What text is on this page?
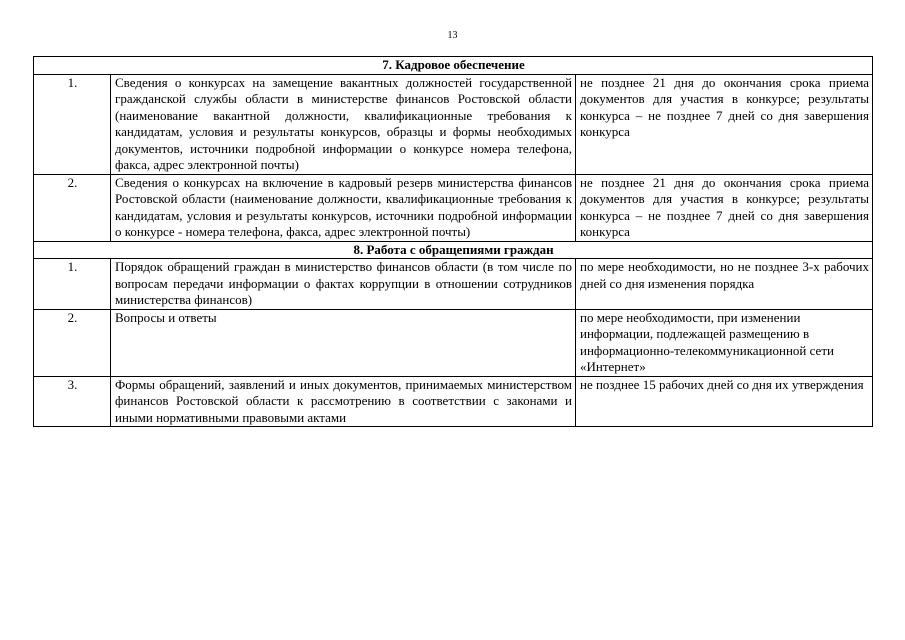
13
7. Кадровое обеспечение		
1.	Сведения о конкурсах на замещение вакантных должностей государственной гражданской службы области в министерстве финансов Ростовской области (наименование вакантной должности, квалификационные требования к кандидатам, условия и результаты конкурсов, образцы и формы необходимых документов, источники подробной информации о конкурсе номера телефона, факса, адрес электронной почты)	не позднее 21 дня до окончания срока приема документов для участия в конкурсе; результаты конкурса – не позднее 7 дней со дня завершения конкурса
2.	Сведения о конкурсах на включение в кадровый резерв министерства финансов Ростовской области (наименование должности, квалификационные требования к кандидатам, условия и результаты конкурсов, источники подробной информации о конкурсе - номера телефона, факса, адрес электронной почты)	не позднее 21 дня до окончания срока приема документов для участия в конкурсе; результаты конкурса – не позднее 7 дней со дня завершения конкурса
8. Работа с обращепиями граждан		
1.	Порядок обращений граждан в министерство финансов области (в том числе по вопросам передачи информации о фактах коррупции в отношении сотрудников министерства финансов)	по мере необходимости, но не позднее 3-х рабочих дней со дня изменения порядка
2.	Вопросы и ответы	по мере необходимости, при изменении информации, подлежащей размещению в информационно-телекоммуникационной сети «Интернет»
3.	Формы обращений, заявлений и иных документов, принимаемых министерством финансов Ростовской области к рассмотрению в соответствии с законами и иными нормативными правовыми актами	не позднее 15 рабочих дней со дня их утверждения
